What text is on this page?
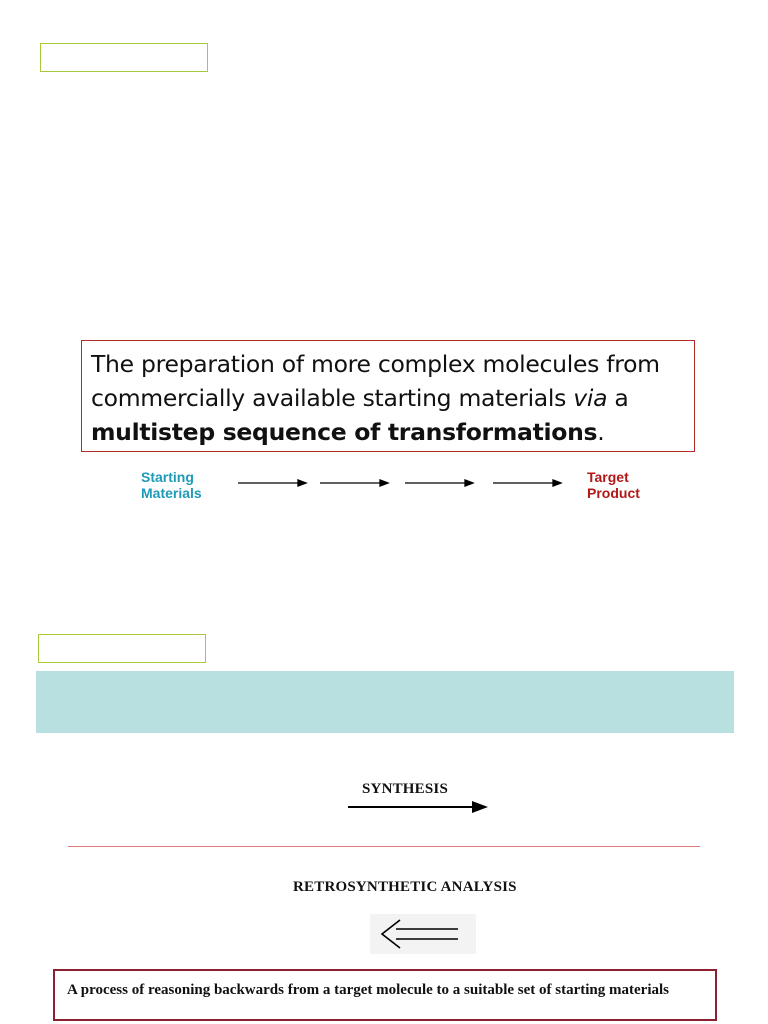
The preparation of more complex molecules from
commercially available starting materials via a
multistep sequence of transformations.
Starting
Materials
Target
Product
SYNTHESIS
RETROSYNTHETIC ANALYSIS
A process of reasoning backwards from a target molecule to a suitable set of starting materials
